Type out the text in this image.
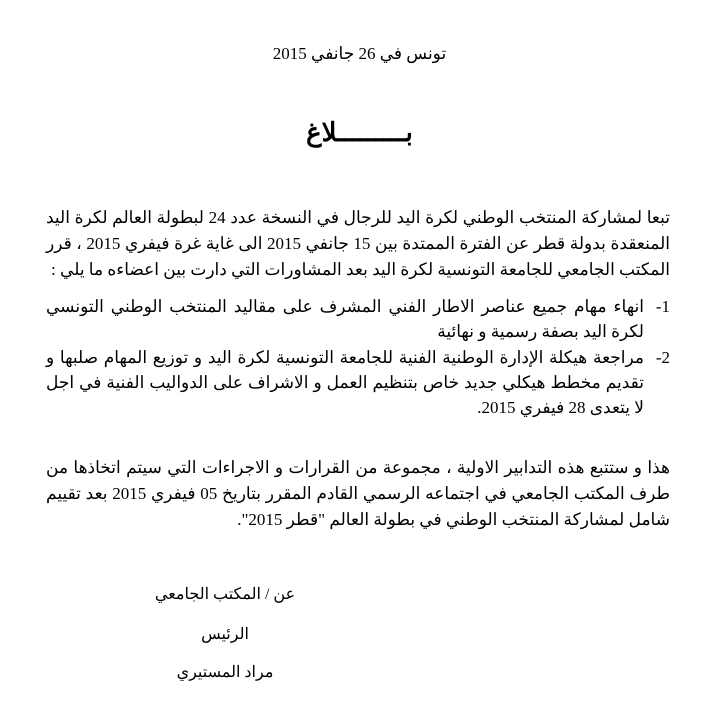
تونس في 26 جانفي 2015
بـــــــــلاغ
تبعا لمشاركة المنتخب الوطني لكرة اليد للرجال في النسخة عدد 24 لبطولة العالم لكرة اليد المنعقدة بدولة قطر عن الفترة الممتدة بين 15 جانفي 2015 الى غاية غرة فيفري 2015 ، قرر المكتب الجامعي للجامعة التونسية لكرة اليد بعد المشاورات التي دارت بين اعضاءه ما يلي :
1-
انهاء مهام جميع عناصر الاطار الفني المشرف على مقاليد المنتخب الوطني التونسي لكرة اليد بصفة رسمية و نهائية
2-
مراجعة هيكلة الإدارة الوطنية الفنية للجامعة التونسية لكرة اليد و توزيع المهام صلبها و تقديم مخطط هيكلي جديد خاص بتنظيم العمل و الاشراف على الدواليب الفنية في اجل لا يتعدى 28 فيفري 2015.
هذا و ستتبع هذه التدابير الاولية ، مجموعة من القرارات و الاجراءات التي سيتم اتخاذها من طرف المكتب الجامعي في اجتماعه الرسمي القادم المقرر بتاريخ 05 فيفري 2015 بعد تقييم شامل لمشاركة المنتخب الوطني في بطولة العالم "قطر 2015".
عن / المكتب الجامعي
الرئيس
مراد المستيري
